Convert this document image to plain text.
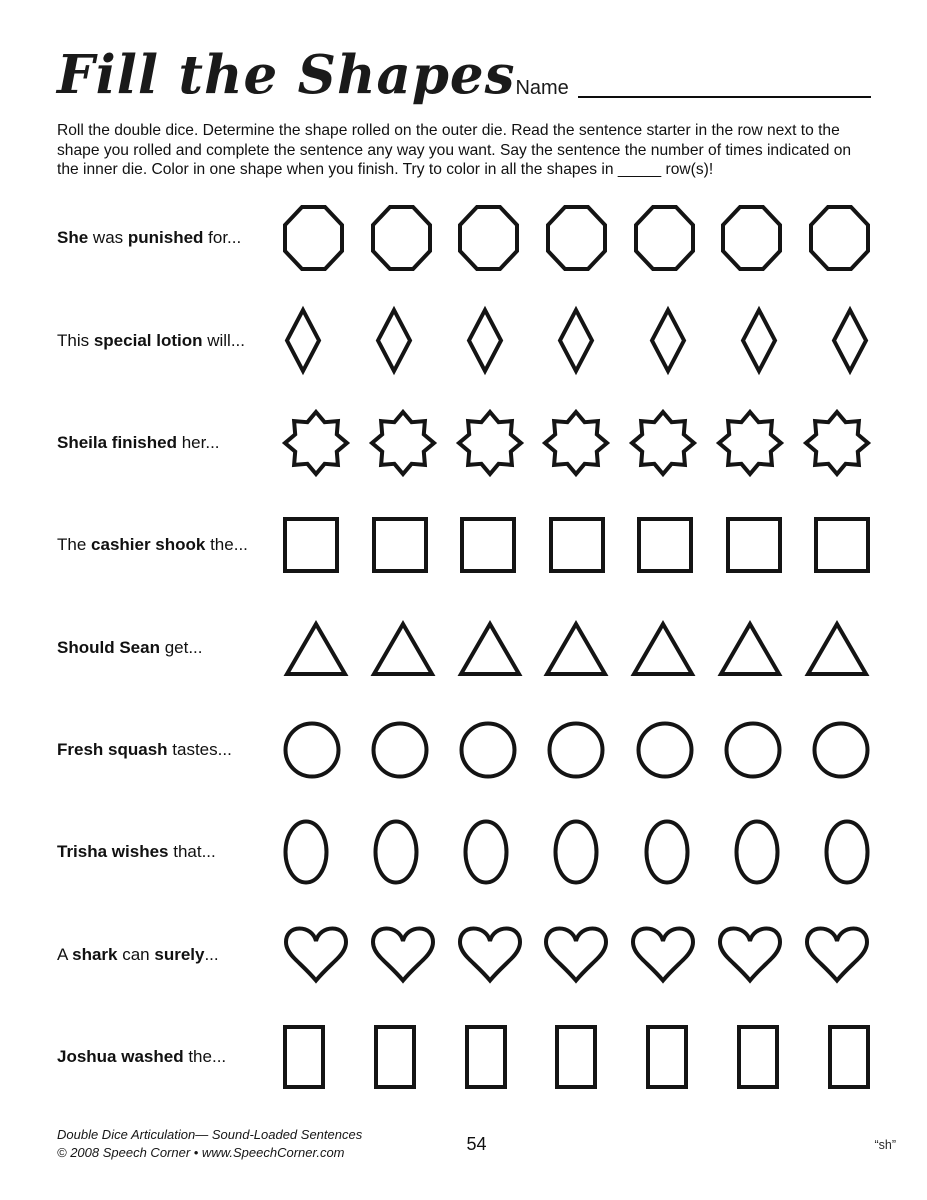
Fill the Shapes Name
Roll the double dice. Determine the shape rolled on the outer die. Read the sentence starter in the row next to the shape you rolled and complete the sentence any way you want. Say the sentence the number of times indicated on the inner die. Color in one shape when you finish. Try to color in all the shapes in _____ row(s)!
She was punished for...
This special lotion will...
Sheila finished her...
The cashier shook the...
Should Sean get...
Fresh squash tastes...
Trisha wishes that...
A shark can surely...
Joshua washed the...
Double Dice Articulation— Sound-Loaded Sentences
© 2008 Speech Corner • www.SpeechCorner.com	54	“sh”
